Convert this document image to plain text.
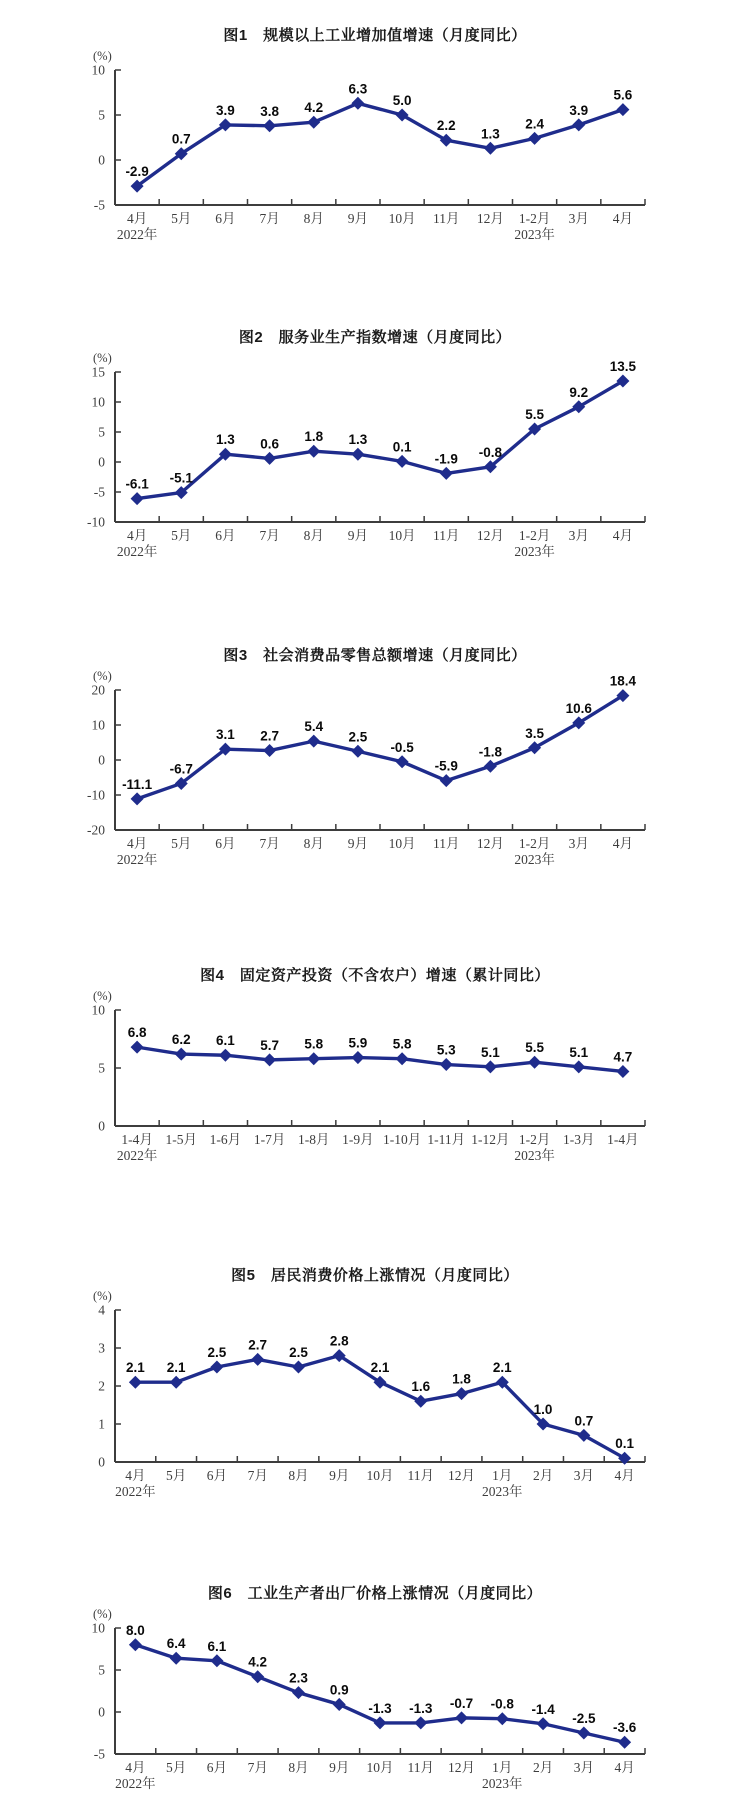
图1　规模以上工业增加值增速（月度同比）
(%)
-5
0
5
10
4月 5月 6月 7月 8月 9月 10月 11月 12月 1-2月 3月 4月
2022年	2023年
-2.9
0.7
3.9 3.8 4.2
6.3
5.0
2.2
1.3
2.4
3.9
5.6
图2　服务业生产指数增速（月度同比）
(%)
-10
-5
0
5
10
15
4月 5月 6月 7月 8月 9月 10月 11月 12月 1-2月 3月 4月
2022年	2023年
-6.1 -5.1
1.3 0.6 1.8 1.3 0.1
-1.9 -0.8
5.5
9.2
13.5
图3　社会消费品零售总额增速（月度同比）
(%)
-20
-10
0
10
20
4月 5月 6月 7月 8月 9月 10月 11月 12月 1-2月 3月 4月
2022年	2023年
-11.1
-6.7
3.1 2.7
5.4
2.5
-0.5
-5.9
-1.8
3.5
10.6
18.4
图4　固定资产投资（不含农户）增速（累计同比）
(%)
0
5
10
1-4月 1-5月 1-6月 1-7月 1-8月 1-9月 1-10月 1-11月 1-12月 1-2月 1-3月 1-4月
2022年	2023年
6.8 6.2 6.1 5.7 5.8 5.9 5.8 5.3 5.1 5.5 5.1 4.7
图5　居民消费价格上涨情况（月度同比）
(%)
0
1
2
3
4
4月 5月 6月 7月 8月 9月 10月 11月 12月 1月 2月 3月 4月
2022年	2023年
2.1 2.1
2.5
2.7
2.5
2.8
2.1
1.6
1.8
2.1
1.0
0.7
0.1
图6　工业生产者出厂价格上涨情况（月度同比）
(%)
-5
0
5
10
4月 5月 6月 7月 8月 9月 10月 11月 12月 1月 2月 3月 4月
2022年	2023年
8.0
6.4 6.1
4.2
2.3
0.9
-1.3 -1.3 -0.7 -0.8 -1.4
-2.5
-3.6
